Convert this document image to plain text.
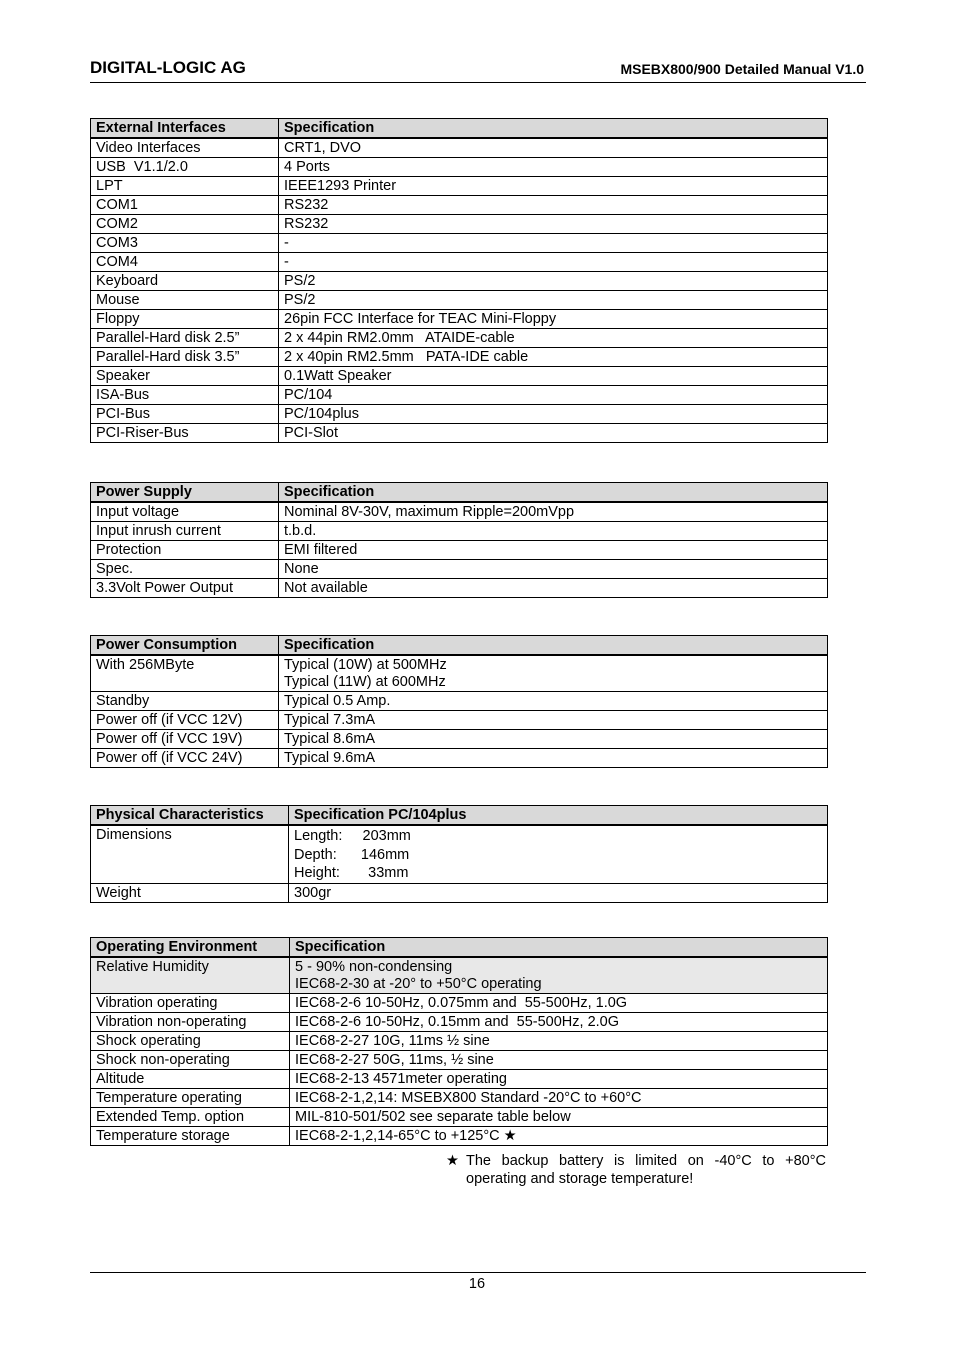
DIGITAL-LOGIC AG	MSEBX800/900 Detailed Manual V1.0
External Interfaces	Specification
Video Interfaces	CRT1, DVO
USB  V1.1/2.0	4 Ports
LPT	IEEE1293 Printer
COM1	RS232
COM2	RS232
COM3	-
COM4	-
Keyboard	PS/2
Mouse	PS/2
Floppy	26pin FCC Interface for TEAC Mini-Floppy
Parallel-Hard disk 2.5”	2 x 44pin RM2.0mm   ATAIDE-cable
Parallel-Hard disk 3.5”	2 x 40pin RM2.5mm   PATA-IDE cable
Speaker	0.1Watt Speaker
ISA-Bus	PC/104
PCI-Bus	PC/104plus
PCI-Riser-Bus	PCI-Slot
Power Supply	Specification
Input voltage	Nominal 8V-30V, maximum Ripple=200mVpp
Input inrush current	t.b.d.
Protection	EMI filtered
Spec.	None
3.3Volt Power Output	Not available
Power Consumption	Specification
With 256MByte	Typical (10W) at 500MHz
Typical (11W) at 600MHz
Standby	Typical 0.5 Amp.
Power off (if VCC 12V)	Typical 7.3mA
Power off (if VCC 19V)	Typical 8.6mA
Power off (if VCC 24V)	Typical 9.6mA
Physical Characteristics	Specification PC/104plus
Dimensions	Length:     203mm
Depth:      146mm
Height:       33mm
Weight	300gr
Operating Environment	Specification
Relative Humidity	5 - 90% non-condensing
IEC68-2-30 at -20° to +50°C operating
Vibration operating	IEC68-2-6 10-50Hz, 0.075mm and  55-500Hz, 1.0G
Vibration non-operating	IEC68-2-6 10-50Hz, 0.15mm and  55-500Hz, 2.0G
Shock operating	IEC68-2-27 10G, 11ms ½ sine
Shock non-operating	IEC68-2-27 50G, 11ms, ½ sine
Altitude	IEC68-2-13 4571meter operating
Temperature operating	IEC68-2-1,2,14: MSEBX800 Standard -20°C to +60°C
Extended Temp. option	MIL-810-501/502 see separate table below
Temperature storage	IEC68-2-1,2,14-65°C to +125°C ★
★ The backup battery is limited on -40°C to +80°C operating and storage temperature!
16
